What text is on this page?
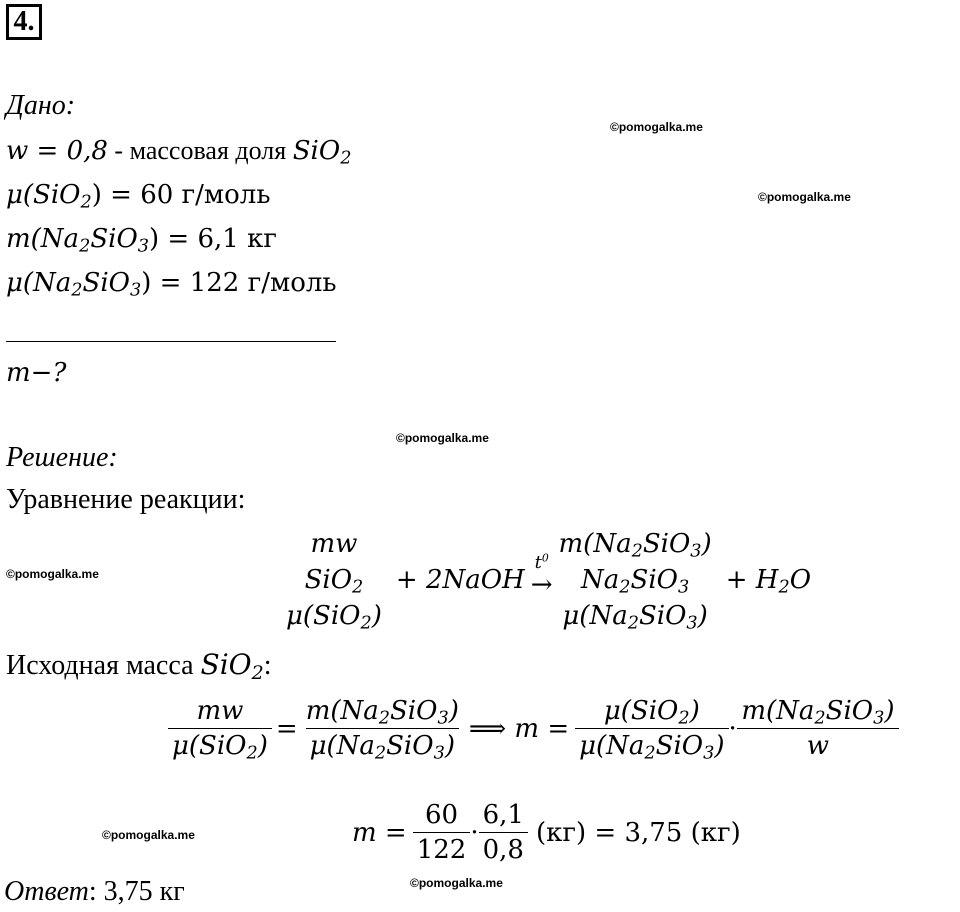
4.
Дано:
w = 0,8 - массовая доля SiO$_2$
μ(SiO$_2$) = 60 г/моль
$m(Na_2SiO_3) = 6,1$ кг
$\mu(Na_2SiO_3) = 122$ г/моль
m−?
Решение:
Уравнение реакции:
mw
SiO$_2$
μ(SiO$_2$)
+ 2NaOH
$t^0$
→
$m(Na_2SiO_3)$
$Na_2SiO_3$
$\mu(Na_2SiO_3)$
+ $H_2O$
Исходная масса SiO$_2$:
$\frac{mw}{\mu(SiO_2)} = \frac{m(Na_2SiO_3)}{\mu(Na_2SiO_3)}$ ⟹ $m = \frac{\mu(SiO_2)}{\mu(Na_2SiO_3)} \cdot \frac{m(Na_2SiO_3)}{w}$
$m = \frac{60}{122} \cdot \frac{6,1}{0,8} (кг) = 3,75$ (кг)
Ответ: 3,75 кг
©pomogalka.me
©pomogalka.me
©pomogalka.me
©pomogalka.me
©pomogalka.me
©pomogalka.me
